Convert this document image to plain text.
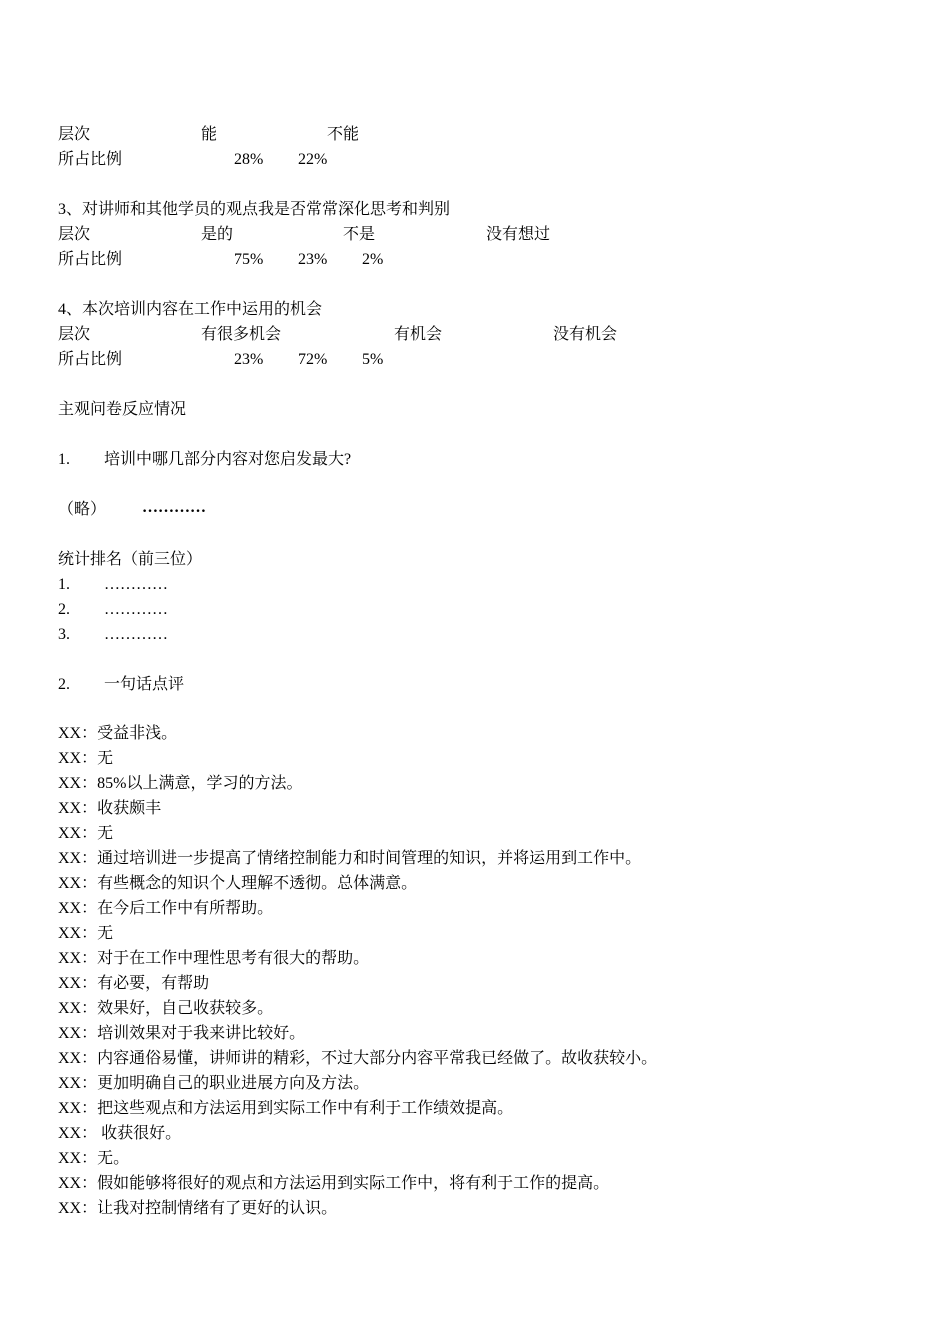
层次	能	不能
所占比例	28% 22%
3、对讲师和其他学员的观点我是否常常深化思考和判别
层次	是的	不是	没有想过
所占比例	75% 23% 2%
4、本次培训内容在工作中运用的机会
层次	有很多机会	有机会	没有机会
所占比例	23% 72% 5%
主观问卷反应情况
1. 培训中哪几部分内容对您启发最大?
（略） …………
统计排名（前三位）
1. …………
2. …………
3. …………
2. 一句话点评
XX：受益非浅。
XX：无
XX：85%以上满意，学习的方法。
XX：收获颇丰
XX：无
XX：通过培训进一步提高了情绪控制能力和时间管理的知识，并将运用到工作中。
XX：有些概念的知识个人理解不透彻。总体满意。
XX：在今后工作中有所帮助。
XX：无
XX：对于在工作中理性思考有很大的帮助。
XX：有必要，有帮助
XX：效果好，自己收获较多。
XX：培训效果对于我来讲比较好。
XX：内容通俗易懂，讲师讲的精彩，不过大部分内容平常我已经做了。故收获较小。
XX：更加明确自己的职业进展方向及方法。
XX：把这些观点和方法运用到实际工作中有利于工作绩效提高。
XX： 收获很好。
XX：无。
XX：假如能够将很好的观点和方法运用到实际工作中，将有利于工作的提高。
XX：让我对控制情绪有了更好的认识。
